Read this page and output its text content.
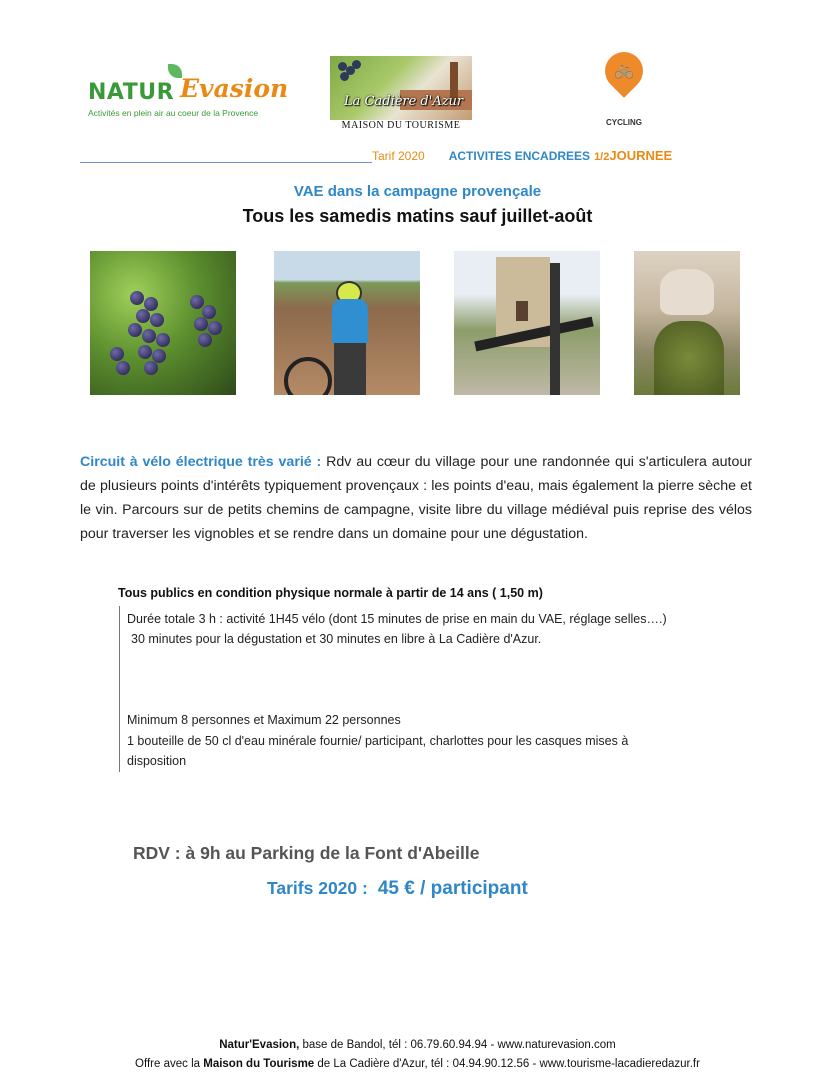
NATUR Evasion
Activités en plein air au coeur de la Provence
La Cadière d'Azur
MAISON DU TOURISME
🚲
CYCLING
Tarif 2020 ACTIVITES ENCADREES 1/2JOURNEE
VAE dans la campagne provençale
Tous les samedis matins sauf juillet-août
Circuit à vélo électrique très varié : Rdv au cœur du village pour une randonnée qui s'articulera autour de plusieurs points d'intérêts typiquement provençaux : les points d'eau, mais également la pierre sèche et le vin. Parcours sur de petits chemins de campagne, visite libre du village médiéval puis reprise des vélos pour traverser les vignobles et se rendre dans un domaine pour une dégustation.
Tous publics en condition physique normale à partir de 14 ans ( 1,50 m)
Durée totale 3 h : activité 1H45 vélo (dont 15 minutes de prise en main du VAE, réglage selles….)
30 minutes pour la dégustation et 30 minutes en libre à La Cadière d'Azur.
Minimum 8 personnes et Maximum 22 personnes
1 bouteille de 50 cl d'eau minérale fournie/ participant, charlottes pour les casques mises à
disposition
RDV : à 9h au Parking de la Font d'Abeille
Tarifs 2020 : 45 € / participant
Natur'Evasion, base de Bandol, tél : 06.79.60.94.94 - www.naturevasion.com
Offre avec la Maison du Tourisme de La Cadière d'Azur, tél : 04.94.90.12.56 - www.tourisme-lacadieredazur.fr
